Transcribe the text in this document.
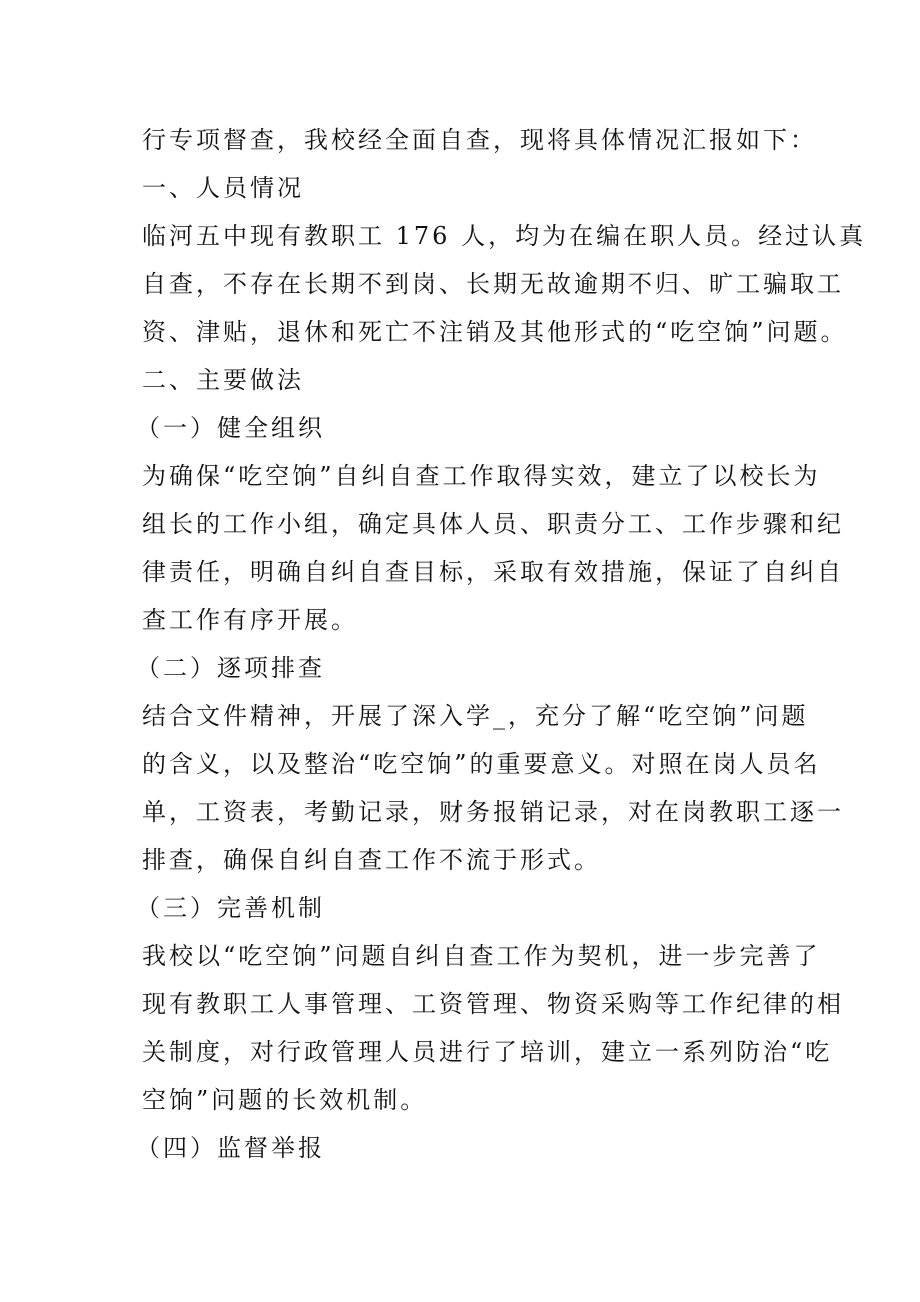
行专项督查，我校经全面自查，现将具体情况汇报如下：
一、人员情况
临河五中现有教职工 176 人，均为在编在职人员。经过认真
自查，不存在长期不到岗、长期无故逾期不归、旷工骗取工
资、津贴，退休和死亡不注销及其他形式的“吃空饷”问题。
二、主要做法
（一）健全组织
为确保“吃空饷”自纠自查工作取得实效，建立了以校长为
组长的工作小组，确定具体人员、职责分工、工作步骤和纪
律责任，明确自纠自查目标，采取有效措施，保证了自纠自
查工作有序开展。
（二）逐项排查
结合文件精神，开展了深入学_，充分了解“吃空饷”问题
的含义，以及整治“吃空饷”的重要意义。对照在岗人员名
单，工资表，考勤记录，财务报销记录，对在岗教职工逐一
排查，确保自纠自查工作不流于形式。
（三）完善机制
我校以“吃空饷”问题自纠自查工作为契机，进一步完善了
现有教职工人事管理、工资管理、物资采购等工作纪律的相
关制度，对行政管理人员进行了培训，建立一系列防治“吃
空饷”问题的长效机制。
（四）监督举报
